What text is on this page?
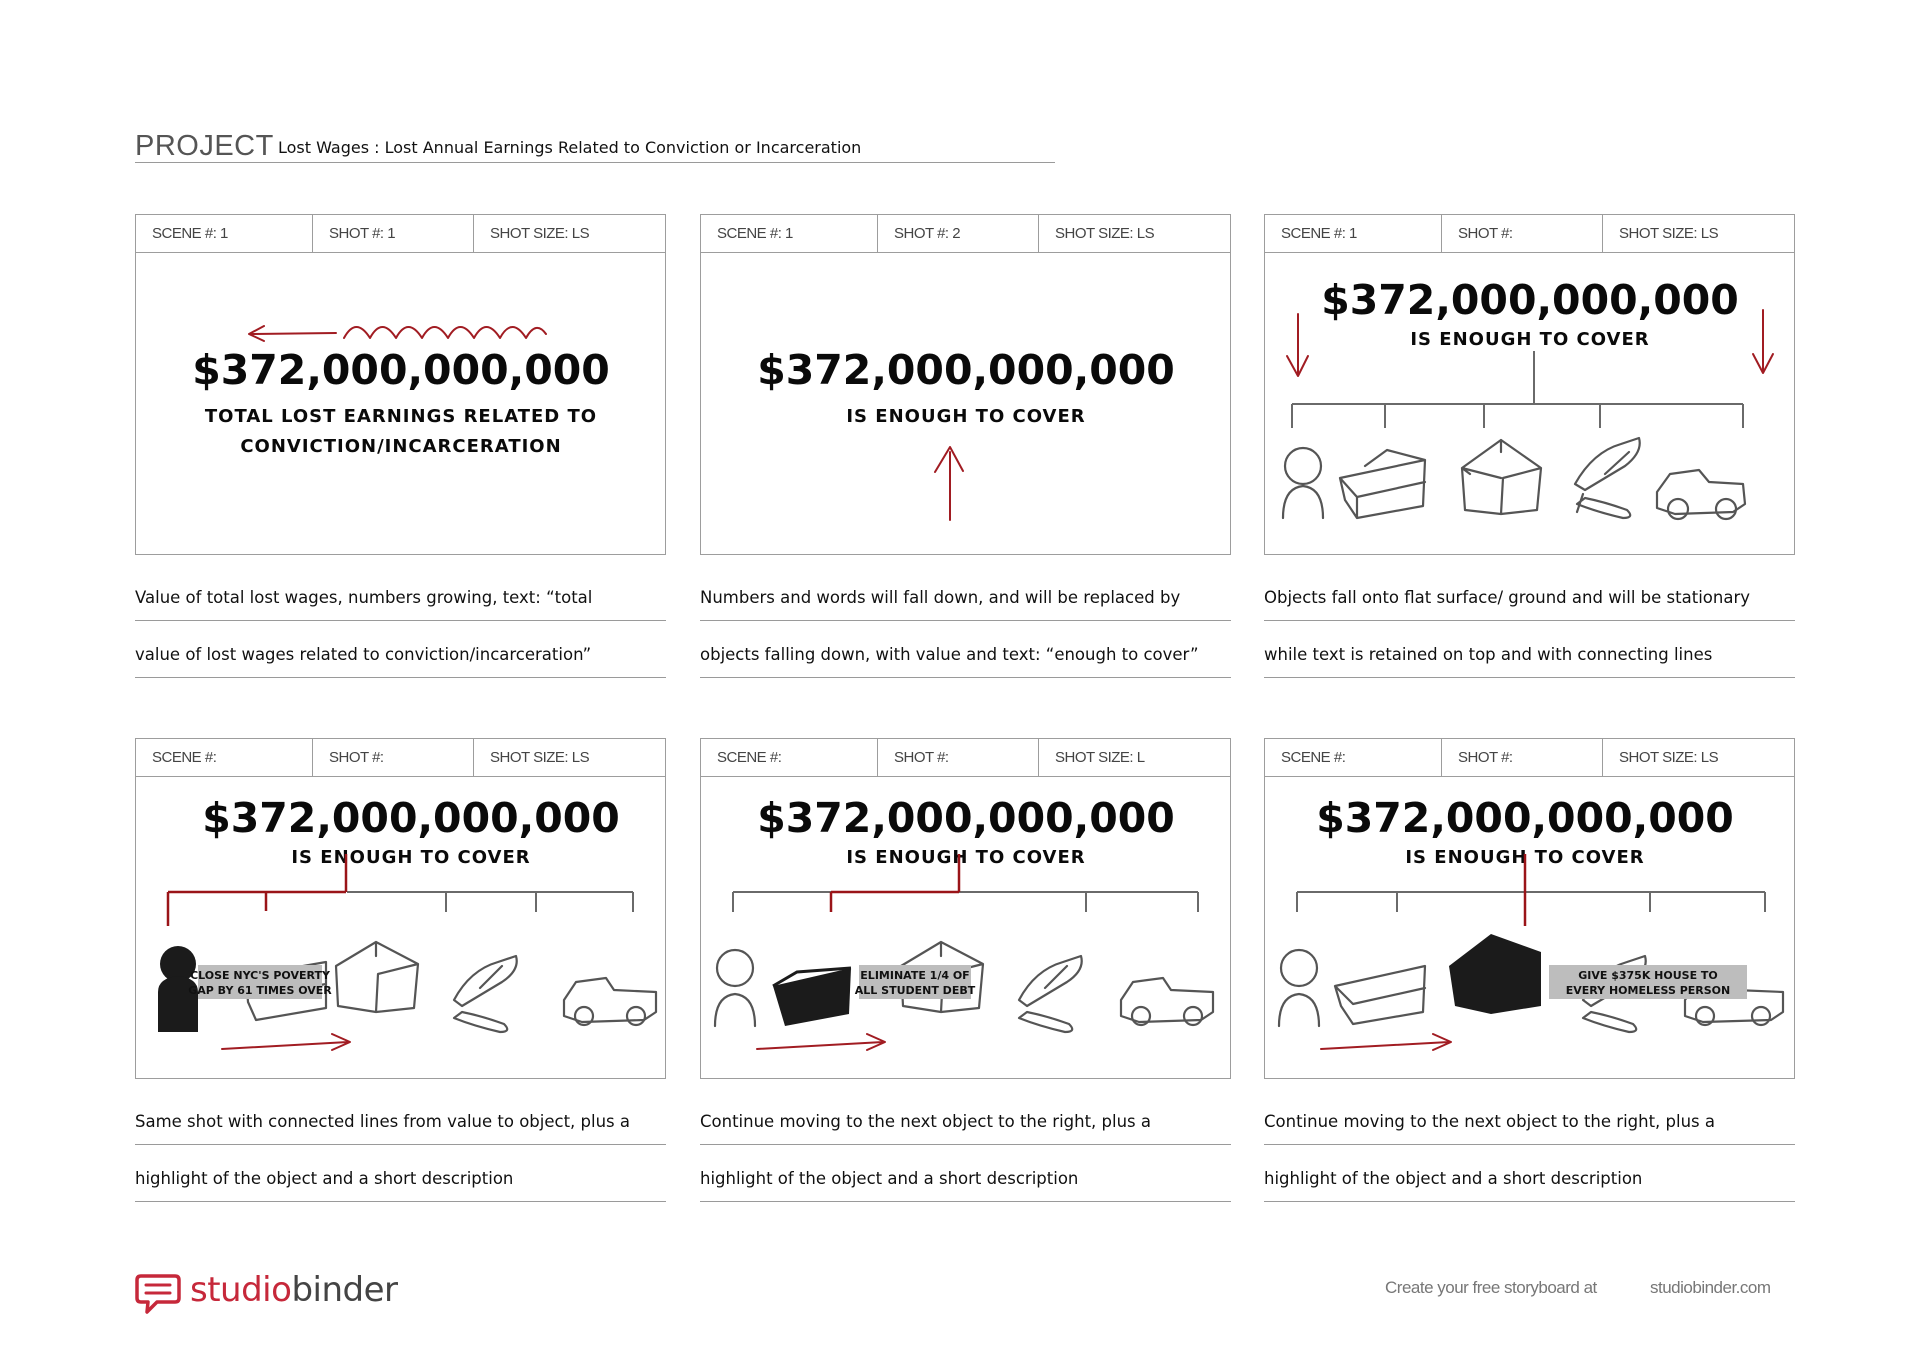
PROJECT Lost Wages : Lost Annual Earnings Related to Conviction or Incarceration
SCENE #: 1	SHOT #: 1	SHOT SIZE: LS
$372,000,000,000
TOTAL LOST EARNINGS RELATED TO
CONVICTION/INCARCERATION
Value of total lost wages, numbers growing, text: “total
value of lost wages related to conviction/incarceration”
SCENE #: 1	SHOT #: 2	SHOT SIZE: LS
$372,000,000,000
IS ENOUGH TO COVER
Numbers and words will fall down, and will be replaced by
objects falling down, with value and text: “enough to cover”
SCENE #: 1	SHOT #:	SHOT SIZE: LS
$372,000,000,000
IS ENOUGH TO COVER
Objects fall onto flat surface/ ground and will be stationary
while text is retained on top and with connecting lines
SCENE #:	SHOT #:	SHOT SIZE: LS
$372,000,000,000
IS ENOUGH TO COVER
CLOSE NYC'S POVERTY
GAP BY 61 TIMES OVER
Same shot with connected lines from value to object, plus a
highlight of the object and a short description
SCENE #:	SHOT #:	SHOT SIZE: L
$372,000,000,000
IS ENOUGH TO COVER
ELIMINATE 1/4 OF
ALL STUDENT DEBT
Continue moving to the next object to the right, plus a
highlight of the object and a short description
SCENE #:	SHOT #:	SHOT SIZE: LS
$372,000,000,000
IS ENOUGH TO COVER
GIVE $375K HOUSE TO
EVERY HOMELESS PERSON
Continue moving to the next object to the right, plus a
highlight of the object and a short description
studiobinder	Create your free storyboard at	studiobinder.com
